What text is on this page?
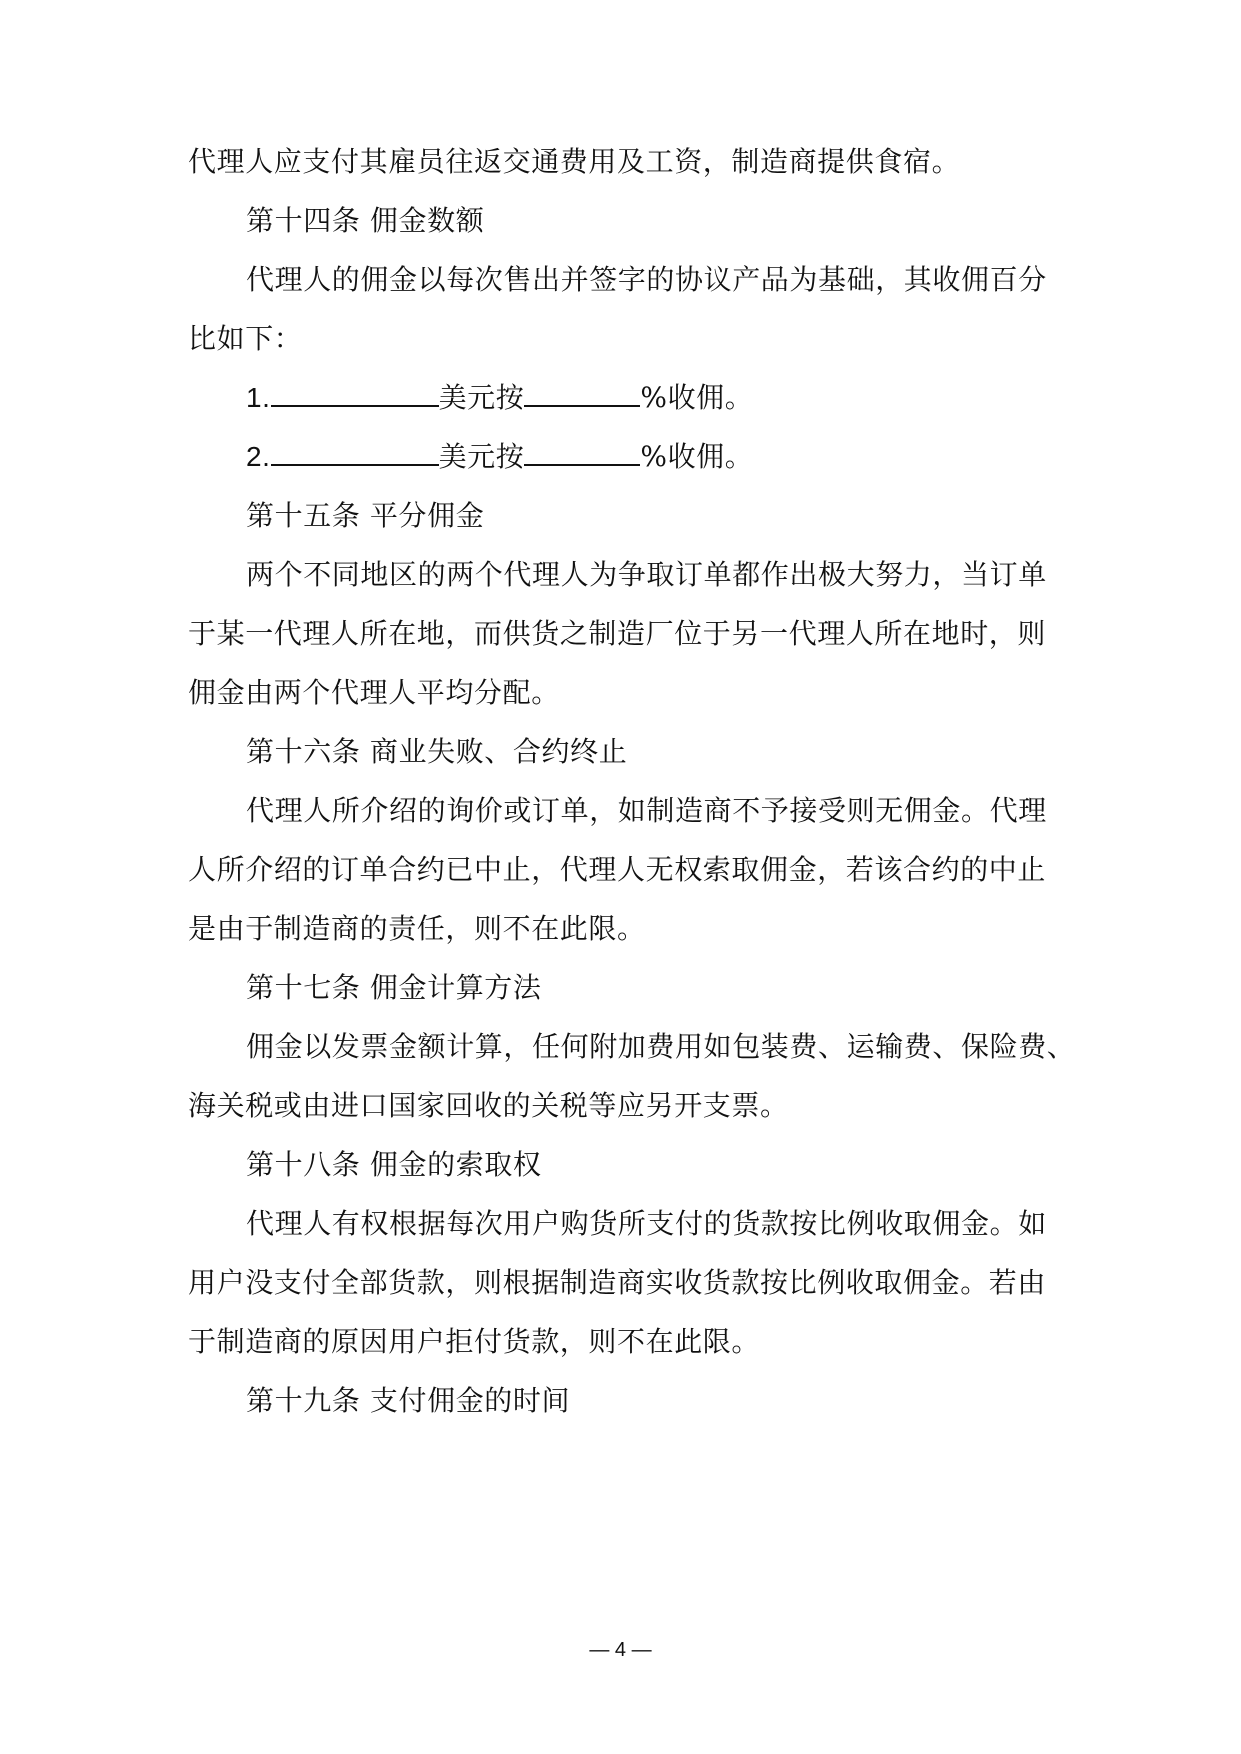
代理人应支付其雇员往返交通费用及工资，制造商提供食宿。
第十四条 佣金数额
代理人的佣金以每次售出并签字的协议产品为基础，其收佣百分
比如下：
1.	美元按	%收佣。
2.	美元按	%收佣。
第十五条 平分佣金
两个不同地区的两个代理人为争取订单都作出极大努力，当订单
于某一代理人所在地，而供货之制造厂位于另一代理人所在地时，则
佣金由两个代理人平均分配。
第十六条 商业失败、合约终止
代理人所介绍的询价或订单，如制造商不予接受则无佣金。代理
人所介绍的订单合约已中止，代理人无权索取佣金，若该合约的中止
是由于制造商的责任，则不在此限。
第十七条 佣金计算方法
佣金以发票金额计算，任何附加费用如包装费、运输费、保险费、
海关税或由进口国家回收的关税等应另开支票。
第十八条 佣金的索取权
代理人有权根据每次用户购货所支付的货款按比例收取佣金。如
用户没支付全部货款，则根据制造商实收货款按比例收取佣金。若由
于制造商的原因用户拒付货款，则不在此限。
第十九条 支付佣金的时间
— 4 —
